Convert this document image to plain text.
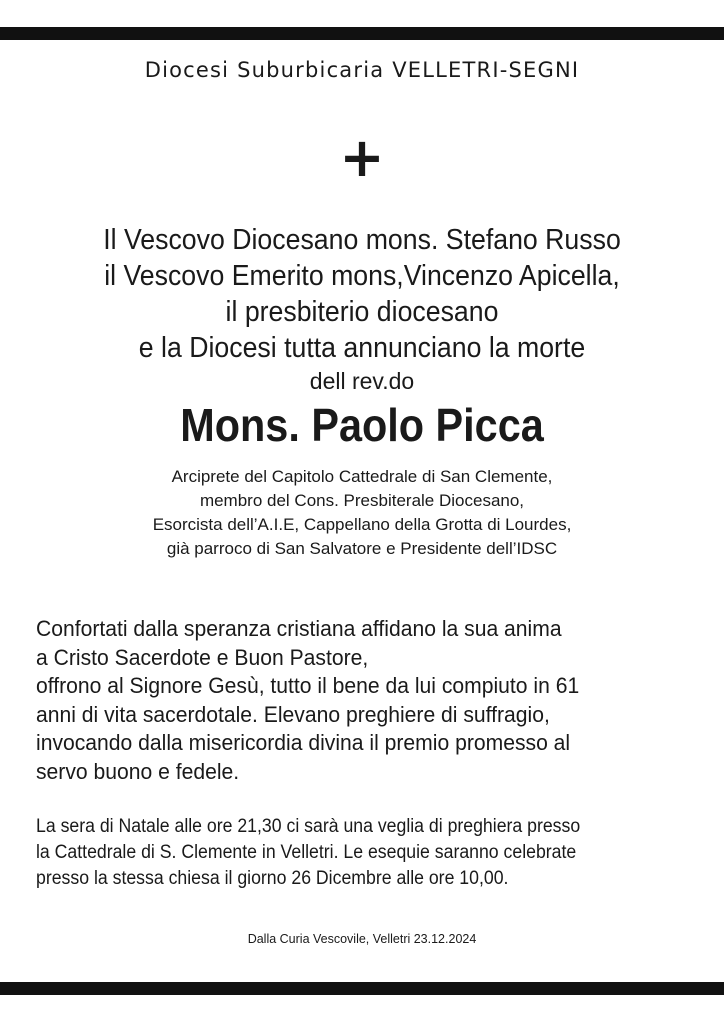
Diocesi Suburbicaria VELLETRI-SEGNI
+
Il Vescovo Diocesano mons. Stefano Russo
il Vescovo Emerito mons,Vincenzo Apicella,
il presbiterio diocesano
e la Diocesi tutta annunciano la morte
dell rev.do
Mons. Paolo Picca
Arciprete del Capitolo Cattedrale di San Clemente,
membro del Cons. Presbiterale Diocesano,
Esorcista dell’A.I.E, Cappellano della Grotta di Lourdes,
già parroco di San Salvatore e Presidente dell’IDSC
Confortati dalla speranza cristiana affidano la sua anima
a Cristo Sacerdote e Buon Pastore,
offrono al Signore Gesù, tutto il bene da lui compiuto in 61
anni di vita sacerdotale. Elevano preghiere di suffragio,
invocando dalla misericordia divina il premio promesso al
servo buono e fedele.
La sera di Natale alle ore 21,30 ci sarà una veglia di preghiera presso
la Cattedrale di S. Clemente in Velletri. Le esequie saranno celebrate
presso la stessa chiesa il giorno 26 Dicembre alle ore 10,00.
Dalla Curia Vescovile, Velletri 23.12.2024
